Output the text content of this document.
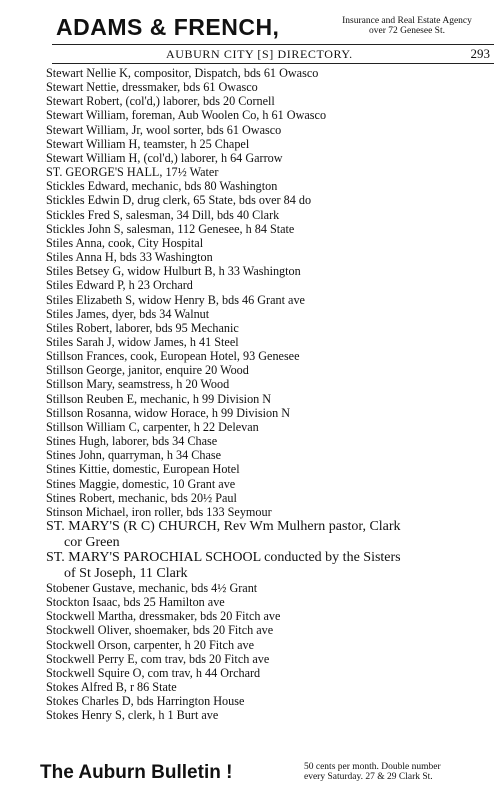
ADAMS & FRENCH,	Insurance and Real Estate Agency
over 72 Genesee St.
AUBURN CITY [S] DIRECTORY.	293
Stewart Nellie K, compositor, Dispatch, bds 61 Owasco
Stewart Nettie, dressmaker, bds 61 Owasco
Stewart Robert, (col'd,) laborer, bds 20 Cornell
Stewart William, foreman, Aub Woolen Co, h 61 Owasco
Stewart William, Jr, wool sorter, bds 61 Owasco
Stewart William H, teamster, h 25 Chapel
Stewart William H, (col'd,) laborer, h 64 Garrow
ST. GEORGE'S HALL, 17½ Water
Stickles Edward, mechanic, bds 80 Washington
Stickles Edwin D, drug clerk, 65 State, bds over 84 do
Stickles Fred S, salesman, 34 Dill, bds 40 Clark
Stickles John S, salesman, 112 Genesee, h 84 State
Stiles Anna, cook, City Hospital
Stiles Anna H, bds 33 Washington
Stiles Betsey G, widow Hulburt B, h 33 Washington
Stiles Edward P, h 23 Orchard
Stiles Elizabeth S, widow Henry B, bds 46 Grant ave
Stiles James, dyer, bds 34 Walnut
Stiles Robert, laborer, bds 95 Mechanic
Stiles Sarah J, widow James, h 41 Steel
Stillson Frances, cook, European Hotel, 93 Genesee
Stillson George, janitor, enquire 20 Wood
Stillson Mary, seamstress, h 20 Wood
Stillson Reuben E, mechanic, h 99 Division N
Stillson Rosanna, widow Horace, h 99 Division N
Stillson William C, carpenter, h 22 Delevan
Stines Hugh, laborer, bds 34 Chase
Stines John, quarryman, h 34 Chase
Stines Kittie, domestic, European Hotel
Stines Maggie, domestic, 10 Grant ave
Stines Robert, mechanic, bds 20½ Paul
Stinson Michael, iron roller, bds 133 Seymour
ST. MARY'S (R C) CHURCH, Rev Wm Mulhern pastor, Clark
cor Green
ST. MARY'S PAROCHIAL SCHOOL conducted by the Sisters
of St Joseph, 11 Clark
Stobener Gustave, mechanic, bds 4½ Grant
Stockton Isaac, bds 25 Hamilton ave
Stockwell Martha, dressmaker, bds 20 Fitch ave
Stockwell Oliver, shoemaker, bds 20 Fitch ave
Stockwell Orson, carpenter, h 20 Fitch ave
Stockwell Perry E, com trav, bds 20 Fitch ave
Stockwell Squire O, com trav, h 44 Orchard
Stokes Alfred B, r 86 State
Stokes Charles D, bds Harrington House
Stokes Henry S, clerk, h 1 Burt ave
The Auburn Bulletin !	50 cents per month. Double number
every Saturday. 27 & 29 Clark St.
